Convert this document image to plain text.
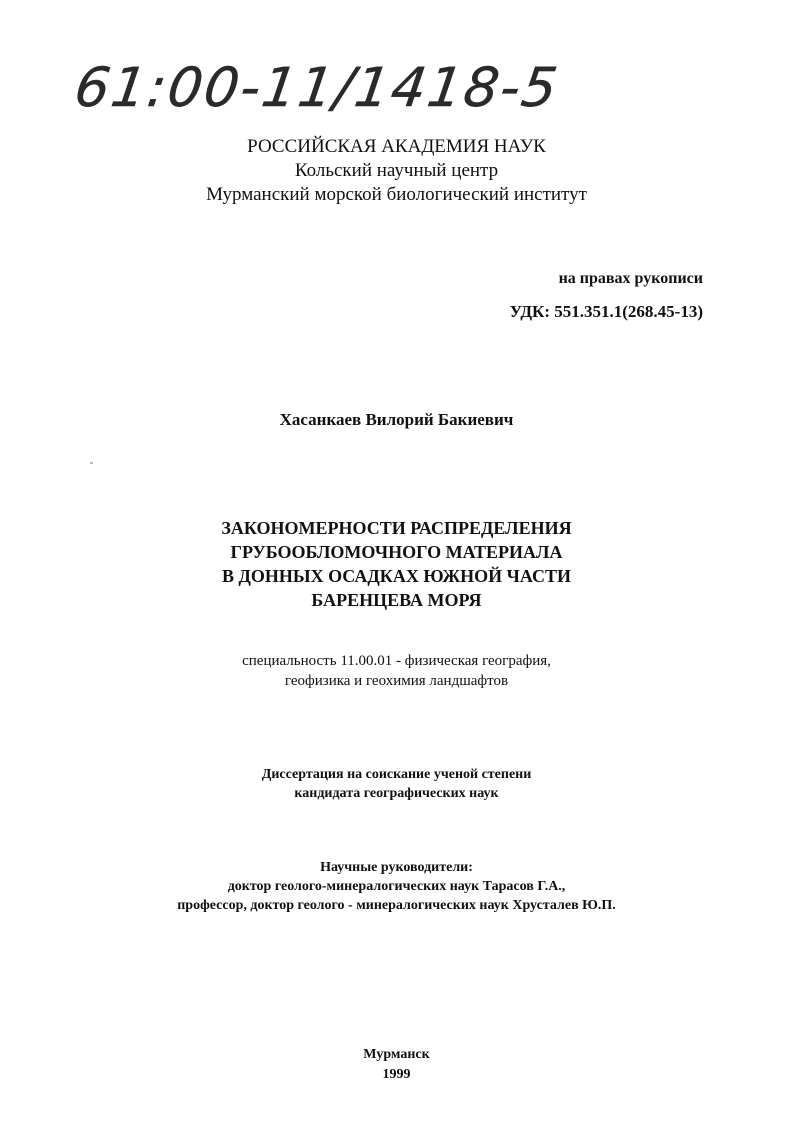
61:00-11/1418-5
РОССИЙСКАЯ АКАДЕМИЯ НАУК
Кольский научный центр
Мурманский морской биологический институт
на правах рукописи
УДК: 551.351.1(268.45-13)
Хасанкаев Вилорий Бакиевич
ЗАКОНОМЕРНОСТИ РАСПРЕДЕЛЕНИЯ
ГРУБООБЛОМОЧНОГО МАТЕРИАЛА
В ДОННЫХ ОСАДКАХ ЮЖНОЙ ЧАСТИ
БАРЕНЦЕВА МОРЯ
специальность 11.00.01 - физическая география,
геофизика и геохимия ландшафтов
Диссертация на соискание ученой степени
кандидата географических наук
Научные руководители:
доктор геолого-минералогических наук Тарасов Г.А.,
профессор, доктор геолого - минералогических наук Хрусталев Ю.П.
Мурманск
1999
